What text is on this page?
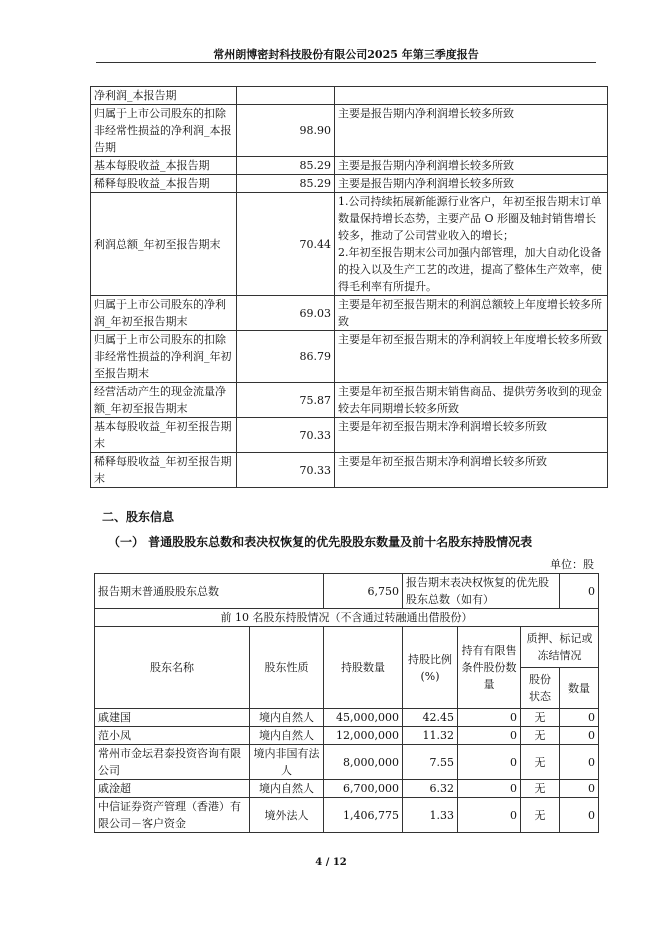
常州朗博密封科技股份有限公司2025 年第三季度报告
净利润_本报告期		
归属于上市公司股东的扣除非经常性损益的净利润_本报告期	98.90	主要是报告期内净利润增长较多所致
基本每股收益_本报告期	85.29	主要是报告期内净利润增长较多所致
稀释每股收益_本报告期	85.29	主要是报告期内净利润增长较多所致
利润总额_年初至报告期末	70.44	1.公司持续拓展新能源行业客户，年初至报告期末订单数量保持增长态势，主要产品 O 形圈及轴封销售增长较多，推动了公司营业收入的增长；
2.年初至报告期末公司加强内部管理，加大自动化设备的投入以及生产工艺的改进，提高了整体生产效率，使得毛利率有所提升。

归属于上市公司股东的净利润_年初至报告期末	69.03	主要是年初至报告期末的利润总额较上年度增长较多所致
归属于上市公司股东的扣除非经常性损益的净利润_年初至报告期末	86.79	主要是年初至报告期末的净利润较上年度增长较多所致
经营活动产生的现金流量净额_年初至报告期末	75.87	主要是年初至报告期末销售商品、提供劳务收到的现金较去年同期增长较多所致
基本每股收益_年初至报告期末	70.33	主要是年初至报告期末净利润增长较多所致
稀释每股收益_年初至报告期末	70.33	主要是年初至报告期末净利润增长较多所致
二、股东信息
（一） 普通股股东总数和表决权恢复的优先股股东数量及前十名股东持股情况表
单位：股
报告期末普通股股东总数		6,750	报告期末表决权恢复的优先股股东总数（如有）			0
前 10 名股东持股情况（不含通过转融通出借股份）						
股东名称	股东性质	持股数量	持股比例(%)	持有有限售条件股份数量	质押、标记或冻结情况	
					股份状态	数量
戚建国	境内自然人	45,000,000	42.45	0	无	0
范小凤	境内自然人	12,000,000	11.32	0	无	0
常州市金坛君泰投资咨询有限公司	境内非国有法人	8,000,000	7.55	0	无	0
戚淦超	境内自然人	6,700,000	6.32	0	无	0
中信证券资产管理（香港）有限公司－客户资金	境外法人	1,406,775	1.33	0	无	0
4 / 12
